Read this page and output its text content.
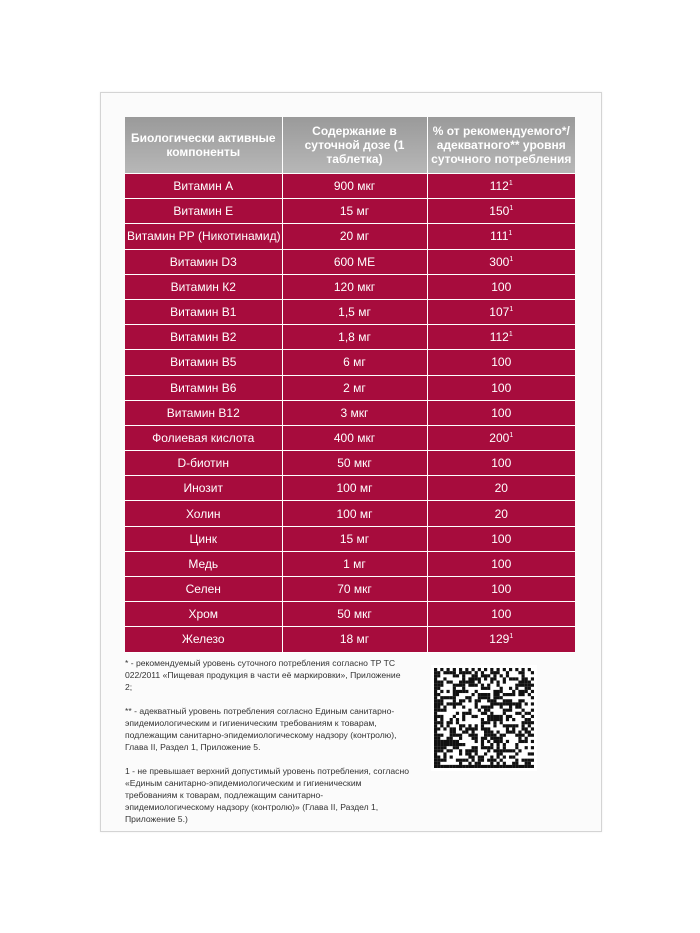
Биологически активные компоненты	Содержание в суточной дозе (1 таблетка)	% от рекомендуемого*/ адекватного** уровня суточного потребления
Витамин А	900 мкг	$112^1$
Витамин Е	15 мг	$150^1$
Витамин РР (Никотинамид)	20 мг	$111^1$
Витамин D3	600 МЕ	$300^1$
Витамин К2	120 мкг	100
Витамин В1	1,5 мг	$107^1$
Витамин В2	1,8 мг	$112^1$
Витамин В5	6 мг	100
Витамин В6	2 мг	100
Витамин В12	3 мкг	100
Фолиевая кислота	400 мкг	$200^1$
D-биотин	50 мкг	100
Инозит	100 мг	20
Холин	100 мг	20
Цинк	15 мг	100
Медь	1 мг	100
Селен	70 мкг	100
Хром	50 мкг	100
Железо	18 мг	$129^1$

* - рекомендуемый уровень суточного потребления согласно ТР ТС 022/2011 «Пищевая продукция в части её маркировки», Приложение 2;

** - адекватный уровень потребления согласно Единым санитарно-эпидемиологическим и гигиеническим требованиям к товарам, подлежащим санитарно-эпидемиологическому надзору (контролю), Глава II, Раздел 1, Приложение 5.

1 - не превышает верхний допустимый уровень потребления, согласно «Единым санитарно-эпидемиологическим и гигиеническим требованиям к товарам, подлежащим санитарно-эпидемиологическому надзору (контролю)» (Глава II, Раздел 1, Приложение 5.)
